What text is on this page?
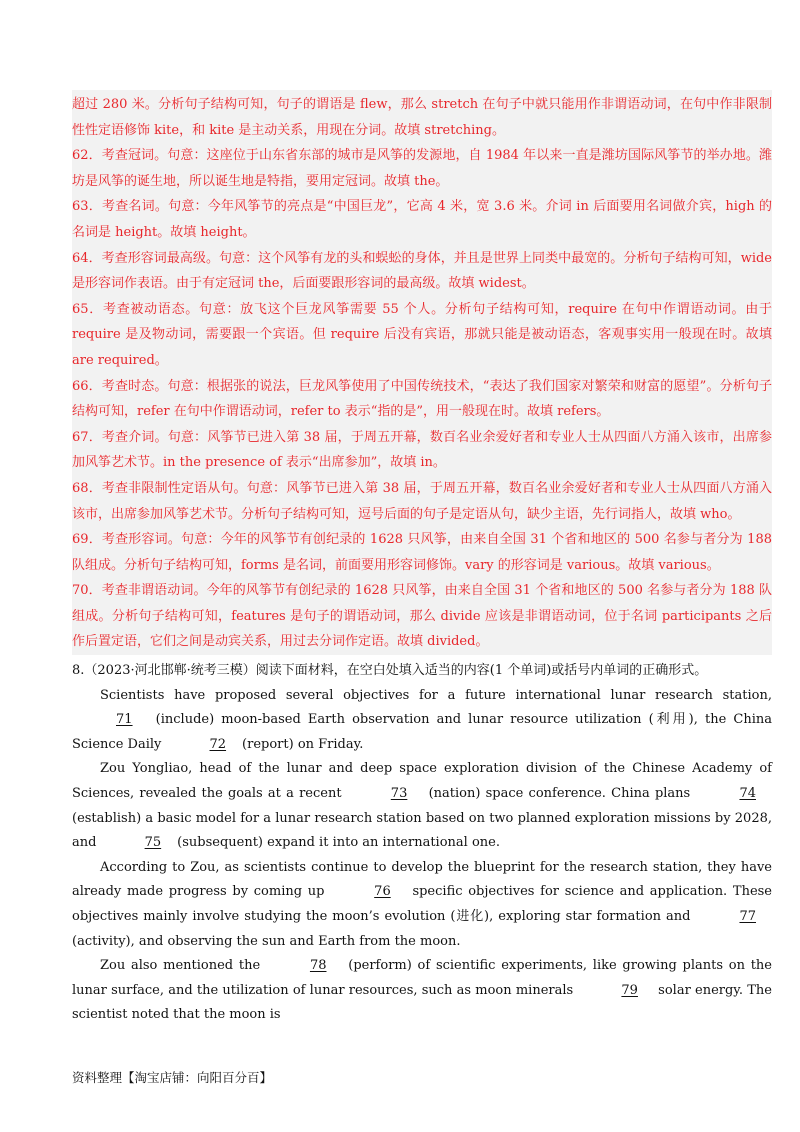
超过 280 米。分析句子结构可知，句子的谓语是 flew，那么 stretch 在句子中就只能用作非谓语动词，在句中作非限制性性定语修饰 kite，和 kite 是主动关系，用现在分词。故填 stretching。

62．考查冠词。句意：这座位于山东省东部的城市是风筝的发源地，自 1984 年以来一直是潍坊国际风筝节的举办地。潍坊是风筝的诞生地，所以诞生地是特指，要用定冠词。故填 the。

63．考查名词。句意：今年风筝节的亮点是“中国巨龙”，它高 4 米，宽 3.6 米。介词 in 后面要用名词做介宾，high 的名词是 height。故填 height。

64．考查形容词最高级。句意：这个风筝有龙的头和蜈蚣的身体，并且是世界上同类中最宽的。分析句子结构可知，wide 是形容词作表语。由于有定冠词 the，后面要跟形容词的最高级。故填 widest。

65．考查被动语态。句意：放飞这个巨龙风筝需要 55 个人。分析句子结构可知，require 在句中作谓语动词。由于 require 是及物动词，需要跟一个宾语。但 require 后没有宾语，那就只能是被动语态，客观事实用一般现在时。故填 are required。

66．考查时态。句意：根据张的说法，巨龙风筝使用了中国传统技术，“表达了我们国家对繁荣和财富的愿望”。分析句子结构可知，refer 在句中作谓语动词，refer to 表示“指的是”，用一般现在时。故填 refers。

67．考查介词。句意：风筝节已进入第 38 届，于周五开幕，数百名业余爱好者和专业人士从四面八方涌入该市，出席参加风筝艺术节。in the presence of 表示“出席参加”，故填 in。

68．考查非限制性定语从句。句意：风筝节已进入第 38 届，于周五开幕，数百名业余爱好者和专业人士从四面八方涌入该市，出席参加风筝艺术节。分析句子结构可知，逗号后面的句子是定语从句，缺少主语，先行词指人，故填 who。

69．考查形容词。句意：今年的风筝节有创纪录的 1628 只风筝，由来自全国 31 个省和地区的 500 名参与者分为 188 队组成。分析句子结构可知，forms 是名词，前面要用形容词修饰。vary 的形容词是 various。故填 various。

70．考查非谓语动词。今年的风筝节有创纪录的 1628 只风筝，由来自全国 31 个省和地区的 500 名参与者分为 188 队组成。分析句子结构可知，features 是句子的谓语动词，那么 divide 应该是非谓语动词，位于名词 participants 之后作后置定语，它们之间是动宾关系，用过去分词作定语。故填 divided。

8.（2023·河北邯郸·统考三模）阅读下面材料，在空白处填入适当的内容(1 个单词)或括号内单词的正确形式。

Scientists have proposed several objectives for a future international lunar research station, 71 (include) moon-based Earth observation and lunar resource utilization (利用), the China Science Daily	72 (report) on Friday.

Zou Yongliao, head of the lunar and deep space exploration division of the Chinese Academy of Sciences, revealed the goals at a recent	73 (nation) space conference. China plans	74 (establish) a basic model for a lunar research station based on two planned exploration missions by 2028, and	75 (subsequent) expand it into an international one.

According to Zou, as scientists continue to develop the blueprint for the research station, they have already made progress by coming up	76 specific objectives for science and application. These objectives mainly involve studying the moon’s evolution (进化), exploring star formation and	77 (activity), and observing the sun and Earth from the moon.

Zou also mentioned the	78 (perform) of scientific experiments, like growing plants on the lunar surface, and the utilization of lunar resources, such as moon minerals	79 solar energy. The scientist noted that the moon is

资料整理【淘宝店铺：向阳百分百】
